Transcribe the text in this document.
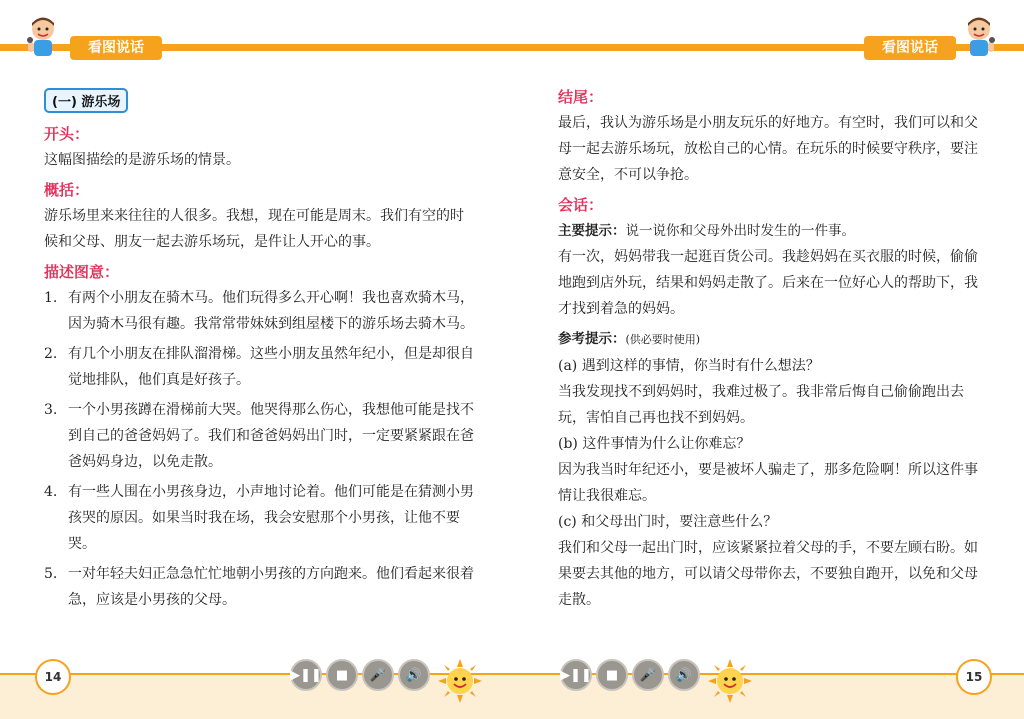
看图说话
(一) 游乐场
开头：

这幅图描绘的是游乐场的情景。

概括：

游乐场里来来往往的人很多。我想，现在可能是周末。我们有空的时候和父母、朋友一起去游乐场玩，是件让人开心的事。

描述图意：
1. 有两个小朋友在骑木马。他们玩得多么开心啊！我也喜欢骑木马，因为骑木马很有趣。我常常带妹妹到组屋楼下的游乐场去骑木马。
2. 有几个小朋友在排队溜滑梯。这些小朋友虽然年纪小，但是却很自觉地排队，他们真是好孩子。
3. 一个小男孩蹲在滑梯前大哭。他哭得那么伤心，我想他可能是找不到自己的爸爸妈妈了。我们和爸爸妈妈出门时，一定要紧紧跟在爸爸妈妈身边，以免走散。
4. 有一些人围在小男孩身边，小声地讨论着。他们可能是在猜测小男孩哭的原因。如果当时我在场，我会安慰那个小男孩，让他不要哭。
5. 一对年轻夫妇正急急忙忙地朝小男孩的方向跑来。他们看起来很着急，应该是小男孩的父母。
14	▶❚❚	■	🎤	🔊
看图说话
结尾：

最后，我认为游乐场是小朋友玩乐的好地方。有空时，我们可以和父母一起去游乐场玩，放松自己的心情。在玩乐的时候要守秩序，要注意安全，不可以争抢。

会话：

主要提示：说一说你和父母外出时发生的一件事。

有一次，妈妈带我一起逛百货公司。我趁妈妈在买衣服的时候，偷偷地跑到店外玩，结果和妈妈走散了。后来在一位好心人的帮助下，我才找到着急的妈妈。

参考提示：(供必要时使用)

(a) 遇到这样的事情，你当时有什么想法？

当我发现找不到妈妈时，我难过极了。我非常后悔自己偷偷跑出去玩，害怕自己再也找不到妈妈。

(b) 这件事情为什么让你难忘？

因为我当时年纪还小，要是被坏人骗走了，那多危险啊！所以这件事情让我很难忘。

(c) 和父母出门时，要注意些什么？

我们和父母一起出门时，应该紧紧拉着父母的手，不要左顾右盼。如果要去其他的地方，可以请父母带你去，不要独自跑开，以免和父母走散。

▶❚❚	■	🎤	🔊	15
